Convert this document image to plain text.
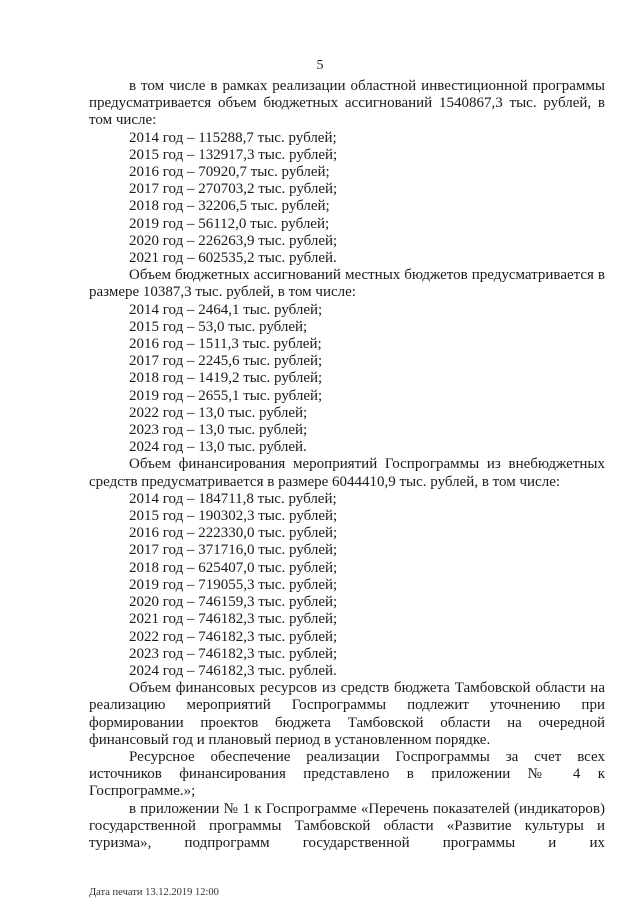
5

в том числе в рамках реализации областной инвестиционной программы предусматривается объем бюджетных ассигнований 1540867,3 тыс. рублей, в том числе:

2014 год – 115288,7 тыс. рублей;

2015 год – 132917,3 тыс. рублей;

2016 год – 70920,7 тыс. рублей;

2017 год – 270703,2 тыс. рублей;

2018 год – 32206,5 тыс. рублей;

2019 год – 56112,0 тыс. рублей;

2020 год – 226263,9 тыс. рублей;

2021 год – 602535,2 тыс. рублей.

Объем бюджетных ассигнований местных бюджетов предусматривается в размере 10387,3 тыс. рублей, в том числе:

2014 год – 2464,1 тыс. рублей;

2015 год – 53,0 тыс. рублей;

2016 год – 1511,3 тыс. рублей;

2017 год – 2245,6 тыс. рублей;

2018 год – 1419,2 тыс. рублей;

2019 год – 2655,1 тыс. рублей;

2022 год – 13,0 тыс. рублей;

2023 год – 13,0 тыс. рублей;

2024 год – 13,0 тыс. рублей.

Объем финансирования мероприятий Госпрограммы из внебюджетных средств предусматривается в размере 6044410,9 тыс. рублей, в том числе:

2014 год – 184711,8 тыс. рублей;

2015 год – 190302,3 тыс. рублей;

2016 год – 222330,0 тыс. рублей;

2017 год – 371716,0 тыс. рублей;

2018 год – 625407,0 тыс. рублей;

2019 год – 719055,3 тыс. рублей;

2020 год – 746159,3 тыс. рублей;

2021 год – 746182,3 тыс. рублей;

2022 год – 746182,3 тыс. рублей;

2023 год – 746182,3 тыс. рублей;

2024 год – 746182,3 тыс. рублей.

Объем финансовых ресурсов из средств бюджета Тамбовской области на реализацию мероприятий Госпрограммы подлежит уточнению при формировании проектов бюджета Тамбовской области на очередной финансовый год и плановый период в установленном порядке.

Ресурсное обеспечение реализации Госпрограммы за счет всех источников финансирования представлено в приложении № 4 к Госпрограмме.»;

в приложении № 1 к Госпрограмме «Перечень показателей (индикаторов) государственной программы Тамбовской области «Развитие культуры и туризма», подпрограмм государственной программы и их

Дата печати 13.12.2019 12:00
